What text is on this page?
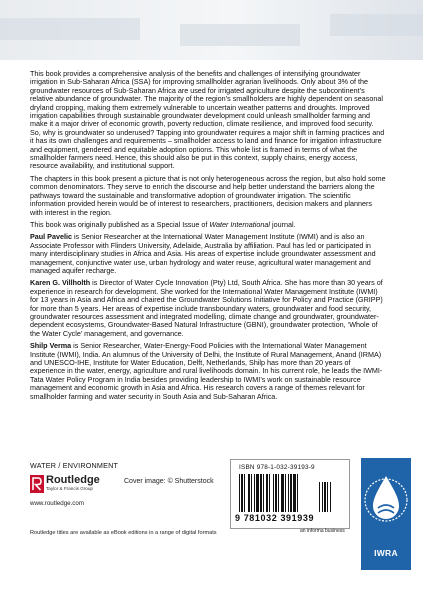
This book provides a comprehensive analysis of the benefits and challenges of intensifying groundwater irrigation in Sub-Saharan Africa (SSA) for improving smallholder agrarian livelihoods. Only about 3% of the groundwater resources of Sub-Saharan Africa are used for irrigated agriculture despite the subcontinent’s relative abundance of groundwater. The majority of the region’s smallholders are highly dependent on seasonal dryland cropping, making them extremely vulnerable to uncertain weather patterns and droughts. Improved irrigation capabilities through sustainable groundwater development could unleash smallholder farming and make it a major driver of economic growth, poverty reduction, climate resilience, and improved food security. So, why is groundwater so underused? Tapping into groundwater requires a major shift in farming practices and it has its own challenges and requirements – smallholder access to land and finance for irrigation infrastructure and equipment, gendered and equitable adoption options. This whole list is framed in terms of what the smallholder farmers need. Hence, this should also be put in this context, supply chains, energy access, resource availability, and institutional support.

The chapters in this book present a picture that is not only heterogeneous across the region, but also hold some common denominators. They serve to enrich the discourse and help better understand the barriers along the pathways toward the sustainable and transformative adoption of groundwater irrigation. The scientific information provided herein would be of interest to researchers, practitioners, decision makers and planners with interest in the region.

This book was originally published as a Special Issue of Water International journal.

Paul Pavelic is Senior Researcher at the International Water Management Institute (IWMI) and is also an Associate Professor with Flinders University, Adelaide, Australia by affiliation. Paul has led or participated in many interdisciplinary studies in Africa and Asia. His areas of expertise include groundwater assessment and management, conjunctive water use, urban hydrology and water reuse, agricultural water management and managed aquifer recharge.

Karen G. Villholth is Director of Water Cycle Innovation (Pty) Ltd, South Africa. She has more than 30 years of experience in research for development. She worked for the International Water Management Institute (IWMI) for 13 years in Asia and Africa and chaired the Groundwater Solutions Initiative for Policy and Practice (GRIPP) for more than 5 years. Her areas of expertise include transboundary waters, groundwater and food security, groundwater resources assessment and integrated modelling, climate change and groundwater, groundwater-dependent ecosystems, Groundwater-Based Natural Infrastructure (GBNI), groundwater protection, ‘Whole of the Water Cycle’ management, and governance.

Shilp Verma is Senior Researcher, Water-Energy-Food Policies with the International Water Management Institute (IWMI), India. An alumnus of the University of Delhi, the Institute of Rural Management, Anand (IRMA) and UNESCO-IHE, Institute for Water Education, Delft, Netherlands, Shilp has more than 20 years of experience in the water, energy, agriculture and rural livelihoods domain. In his current role, he leads the IWMI-Tata Water Policy Program in India besides providing leadership to IWMI’s work on sustainable resource management and economic growth in Asia and Africa. His research covers a range of themes relevant for smallholder farming and water security in South Asia and Sub-Saharan Africa.

WATER / ENVIRONMENT
Routledge
Taylor & Francis Group
www.routledge.com
Cover image: © Shutterstock
ISBN 978-1-032-39193-9
9 781032 391939
an informa business
Routledge titles are available as eBook editions in a range of digital formats
IWRA
